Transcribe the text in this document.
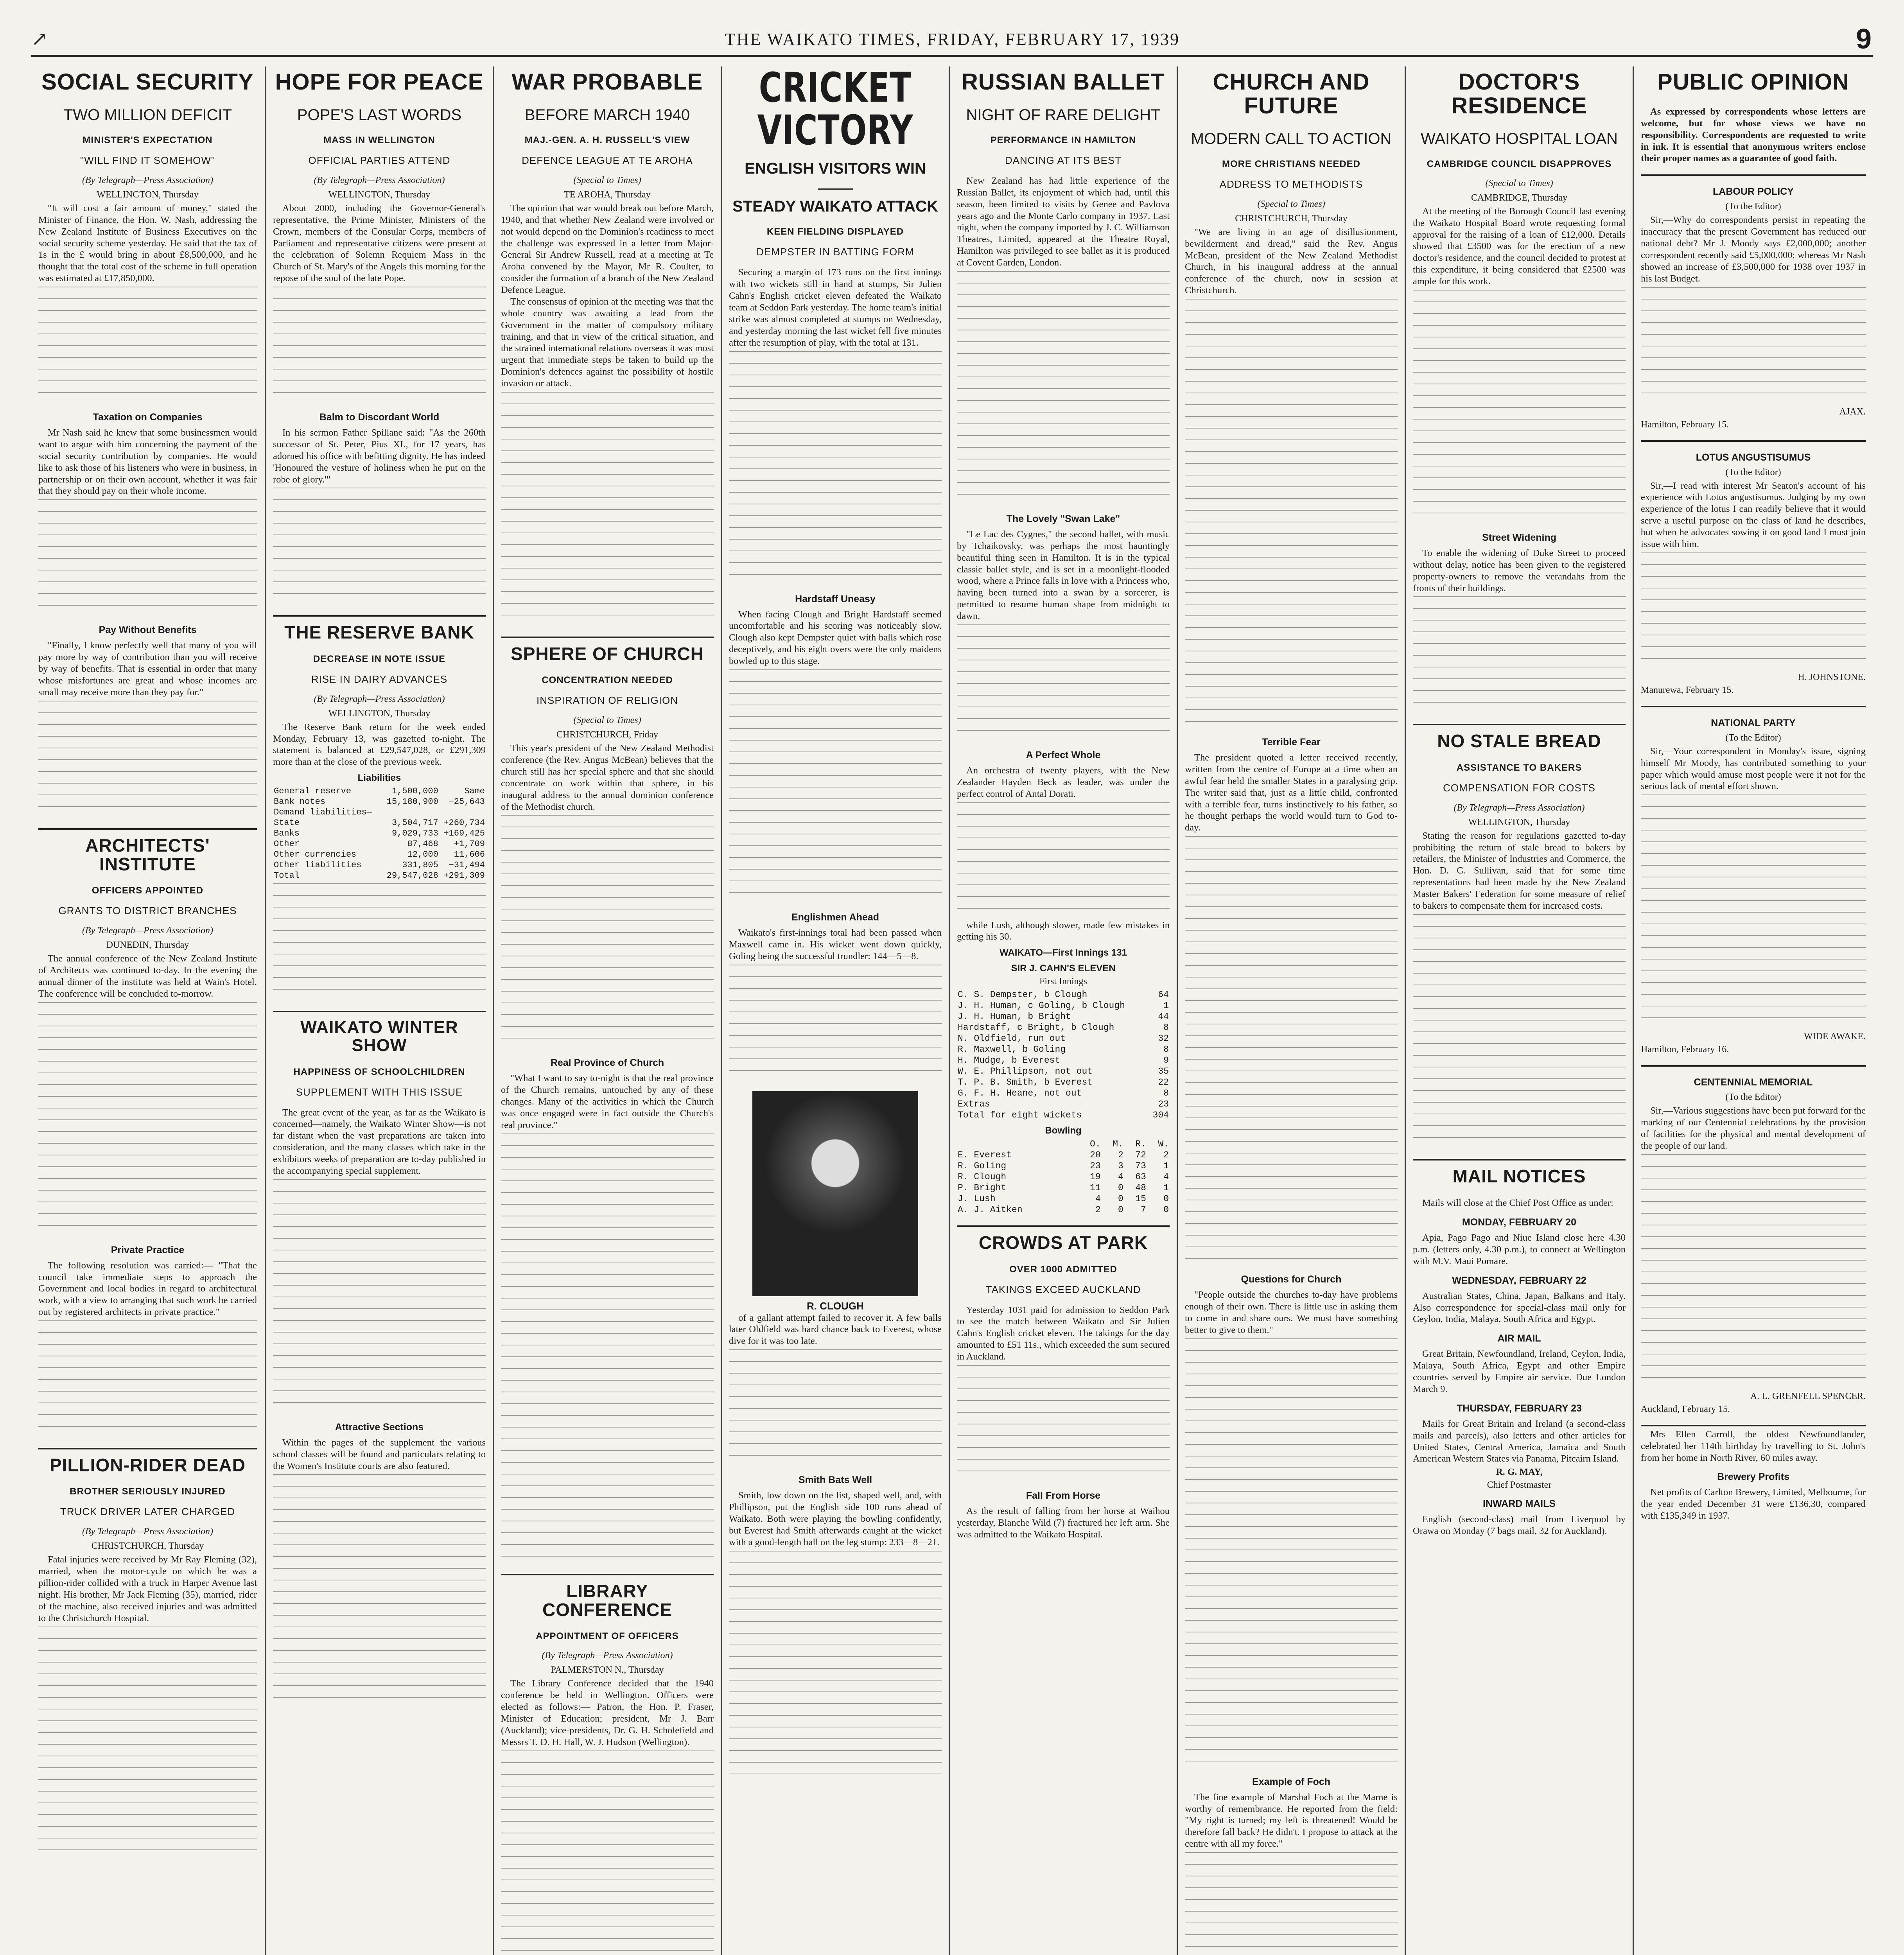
↗	THE WAIKATO TIMES, FRIDAY, FEBRUARY 17, 1939	9
SOCIAL SECURITY
TWO MILLION DEFICIT
MINISTER'S EXPECTATION
"WILL FIND IT SOMEHOW"
(By Telegraph—Press Association)
WELLINGTON, Thursday

"It will cost a fair amount of money," stated the Minister of Finance, the Hon. W. Nash, addressing the New Zealand Institute of Business Executives on the social security scheme yesterday. He said that the tax of 1s in the £ would bring in about £8,500,000, and he thought that the total cost of the scheme in full operation was estimated at £17,850,000.

Taxation on Companies

Mr Nash said he knew that some businessmen would want to argue with him concerning the payment of the social security contribution by companies. He would like to ask those of his listeners who were in business, in partnership or on their own account, whether it was fair that they should pay on their whole income.

Pay Without Benefits

"Finally, I know perfectly well that many of you will pay more by way of contribution than you will receive by way of benefits. That is essential in order that many whose misfortunes are great and whose incomes are small may receive more than they pay for."

ARCHITECTS' INSTITUTE
OFFICERS APPOINTED
GRANTS TO DISTRICT BRANCHES
(By Telegraph—Press Association)
DUNEDIN, Thursday

The annual conference of the New Zealand Institute of Architects was continued to-day. In the evening the annual dinner of the institute was held at Wain's Hotel. The conference will be concluded to-morrow.

Private Practice

The following resolution was carried:— "That the council take immediate steps to approach the Government and local bodies in regard to architectural work, with a view to arranging that such work be carried out by registered architects in private practice."

PILLION-RIDER DEAD
BROTHER SERIOUSLY INJURED
TRUCK DRIVER LATER CHARGED
(By Telegraph—Press Association)
CHRISTCHURCH, Thursday

Fatal injuries were received by Mr Ray Fleming (32), married, when the motor-cycle on which he was a pillion-rider collided with a truck in Harper Avenue last night. His brother, Mr Jack Fleming (35), married, rider of the machine, also received injuries and was admitted to the Christchurch Hospital.

HOPE FOR PEACE
POPE'S LAST WORDS
MASS IN WELLINGTON
OFFICIAL PARTIES ATTEND
(By Telegraph—Press Association)
WELLINGTON, Thursday

About 2000, including the Governor-General's representative, the Prime Minister, Ministers of the Crown, members of the Consular Corps, members of Parliament and representative citizens were present at the celebration of Solemn Requiem Mass in the Church of St. Mary's of the Angels this morning for the repose of the soul of the late Pope.

Balm to Discordant World

In his sermon Father Spillane said: "As the 260th successor of St. Peter, Pius XI., for 17 years, has adorned his office with befitting dignity. He has indeed 'Honoured the vesture of holiness when he put on the robe of glory.'"

THE RESERVE BANK
DECREASE IN NOTE ISSUE
RISE IN DAIRY ADVANCES
(By Telegraph—Press Association)
WELLINGTON, Thursday

The Reserve Bank return for the week ended Monday, February 13, was gazetted to-night. The statement is balanced at £29,547,028, or £291,309 more than at the close of the previous week.

Liabilities
General reserve	1,500,000	Same
Bank notes	15,180,900	−25,643
Demand liabilities—		
State	3,504,717	+260,734
Banks	9,029,733	+169,425
Other	87,468	+1,709
Other currencies	12,000	11,606
Other liabilities	331,805	−31,494
Total	29,547,028	+291,309
WAIKATO WINTER SHOW
HAPPINESS OF SCHOOLCHILDREN
SUPPLEMENT WITH THIS ISSUE

The great event of the year, as far as the Waikato is concerned—namely, the Waikato Winter Show—is not far distant when the vast preparations are taken into consideration, and the many classes which take in the exhibitors weeks of preparation are to-day published in the accompanying special supplement.

Attractive Sections

Within the pages of the supplement the various school classes will be found and particulars relating to the Women's Institute courts are also featured.

WAR PROBABLE
BEFORE MARCH 1940
MAJ.-GEN. A. H. RUSSELL'S VIEW
DEFENCE LEAGUE AT TE AROHA
(Special to Times)
TE AROHA, Thursday

The opinion that war would break out before March, 1940, and that whether New Zealand were involved or not would depend on the Dominion's readiness to meet the challenge was expressed in a letter from Major-General Sir Andrew Russell, read at a meeting at Te Aroha convened by the Mayor, Mr R. Coulter, to consider the formation of a branch of the New Zealand Defence League.

The consensus of opinion at the meeting was that the whole country was awaiting a lead from the Government in the matter of compulsory military training, and that in view of the critical situation, and the strained international relations overseas it was most urgent that immediate steps be taken to build up the Dominion's defences against the possibility of hostile invasion or attack.

SPHERE OF CHURCH
CONCENTRATION NEEDED
INSPIRATION OF RELIGION
(Special to Times)
CHRISTCHURCH, Friday

This year's president of the New Zealand Methodist conference (the Rev. Angus McBean) believes that the church still has her special sphere and that she should concentrate on work within that sphere, in his inaugural address to the annual dominion conference of the Methodist church.

Real Province of Church

"What I want to say to-night is that the real province of the Church remains, untouched by any of these changes. Many of the activities in which the Church was once engaged were in fact outside the Church's real province."

LIBRARY CONFERENCE
APPOINTMENT OF OFFICERS
(By Telegraph—Press Association)
PALMERSTON N., Thursday

The Library Conference decided that the 1940 conference be held in Wellington. Officers were elected as follows:— Patron, the Hon. P. Fraser, Minister of Education; president, Mr J. Barr (Auckland); vice-presidents, Dr. G. H. Scholefield and Messrs T. D. H. Hall, W. J. Hudson (Wellington).

CRICKET VICTORY
ENGLISH VISITORS WIN
STEADY WAIKATO ATTACK
KEEN FIELDING DISPLAYED
DEMPSTER IN BATTING FORM

Securing a margin of 173 runs on the first innings with two wickets still in hand at stumps, Sir Julien Cahn's English cricket eleven defeated the Waikato team at Seddon Park yesterday. The home team's initial strike was almost completed at stumps on Wednesday, and yesterday morning the last wicket fell five minutes after the resumption of play, with the total at 131.

Hardstaff Uneasy

When facing Clough and Bright Hardstaff seemed uncomfortable and his scoring was noticeably slow. Clough also kept Dempster quiet with balls which rose deceptively, and his eight overs were the only maidens bowled up to this stage.

Englishmen Ahead

Waikato's first-innings total had been passed when Maxwell came in. His wicket went down quickly, Goling being the successful trundler: 144—5—8.

R. CLOUGH

of a gallant attempt failed to recover it. A few balls later Oldfield was hard chance back to Everest, whose dive for it was too late.

Smith Bats Well

Smith, low down on the list, shaped well, and, with Phillipson, put the English side 100 runs ahead of Waikato. Both were playing the bowling confidently, but Everest had Smith afterwards caught at the wicket with a good-length ball on the leg stump: 233—8—21.

RUSSIAN BALLET
NIGHT OF RARE DELIGHT
PERFORMANCE IN HAMILTON
DANCING AT ITS BEST

New Zealand has had little experience of the Russian Ballet, its enjoyment of which had, until this season, been limited to visits by Genee and Pavlova years ago and the Monte Carlo company in 1937. Last night, when the company imported by J. C. Williamson Theatres, Limited, appeared at the Theatre Royal, Hamilton was privileged to see ballet as it is produced at Covent Garden, London.

The Lovely "Swan Lake"

"Le Lac des Cygnes," the second ballet, with music by Tchaikovsky, was perhaps the most hauntingly beautiful thing seen in Hamilton. It is in the typical classic ballet style, and is set in a moonlight-flooded wood, where a Prince falls in love with a Princess who, having been turned into a swan by a sorcerer, is permitted to resume human shape from midnight to dawn.

A Perfect Whole

An orchestra of twenty players, with the New Zealander Hayden Beck as leader, was under the perfect control of Antal Dorati.

while Lush, although slower, made few mistakes in getting his 30.

WAIKATO—First Innings 131
SIR J. CAHN'S ELEVEN
First Innings
C. S. Dempster, b Clough	64
J. H. Human, c Goling, b Clough	1
J. H. Human, b Bright	44
Hardstaff, c Bright, b Clough	8
N. Oldfield, run out	32
R. Maxwell, b Goling	8
H. Mudge, b Everest	9
W. E. Phillipson, not out	35
T. P. B. Smith, b Everest	22
G. F. H. Heane, not out	8
Extras	23
Total for eight wickets	304
Bowling
	O.	M.	R.	W.
E. Everest	20	2	72	2
R. Goling	23	3	73	1
R. Clough	19	4	63	4
P. Bright	11	0	48	1
J. Lush	4	0	15	0
A. J. Aitken	2	0	7	0
CROWDS AT PARK
OVER 1000 ADMITTED
TAKINGS EXCEED AUCKLAND

Yesterday 1031 paid for admission to Seddon Park to see the match between Waikato and Sir Julien Cahn's English cricket eleven. The takings for the day amounted to £51 11s., which exceeded the sum secured in Auckland.

Fall From Horse

As the result of falling from her horse at Waihou yesterday, Blanche Wild (7) fractured her left arm. She was admitted to the Waikato Hospital.

CHURCH AND FUTURE
MODERN CALL TO ACTION
MORE CHRISTIANS NEEDED
ADDRESS TO METHODISTS
(Special to Times)
CHRISTCHURCH, Thursday

"We are living in an age of disillusionment, bewilderment and dread," said the Rev. Angus McBean, president of the New Zealand Methodist Church, in his inaugural address at the annual conference of the church, now in session at Christchurch.

Terrible Fear

The president quoted a letter received recently, written from the centre of Europe at a time when an awful fear held the smaller States in a paralysing grip. The writer said that, just as a little child, confronted with a terrible fear, turns instinctively to his father, so he thought perhaps the world would turn to God to-day.

Questions for Church

"People outside the churches to-day have problems enough of their own. There is little use in asking them to come in and share ours. We must have something better to give to them."

Example of Foch

The fine example of Marshal Foch at the Marne is worthy of remembrance. He reported from the field: "My right is turned; my left is threatened! Would be therefore fall back? He didn't. I propose to attack at the centre with all my force."

DOCTOR'S RESIDENCE
WAIKATO HOSPITAL LOAN
CAMBRIDGE COUNCIL DISAPPROVES
(Special to Times)
CAMBRIDGE, Thursday

At the meeting of the Borough Council last evening the Waikato Hospital Board wrote requesting formal approval for the raising of a loan of £12,000. Details showed that £3500 was for the erection of a new doctor's residence, and the council decided to protest at this expenditure, it being considered that £2500 was ample for this work.

Street Widening

To enable the widening of Duke Street to proceed without delay, notice has been given to the registered property-owners to remove the verandahs from the fronts of their buildings.

NO STALE BREAD
ASSISTANCE TO BAKERS
COMPENSATION FOR COSTS
(By Telegraph—Press Association)
WELLINGTON, Thursday

Stating the reason for regulations gazetted to-day prohibiting the return of stale bread to bakers by retailers, the Minister of Industries and Commerce, the Hon. D. G. Sullivan, said that for some time representations had been made by the New Zealand Master Bakers' Federation for some measure of relief to bakers to compensate them for increased costs.

MAIL NOTICES

Mails will close at the Chief Post Office as under:

MONDAY, FEBRUARY 20

Apia, Pago Pago and Niue Island close here 4.30 p.m. (letters only, 4.30 p.m.), to connect at Wellington with M.V. Maui Pomare.

WEDNESDAY, FEBRUARY 22

Australian States, China, Japan, Balkans and Italy. Also correspondence for special-class mail only for Ceylon, India, Malaya, South Africa and Egypt.

AIR MAIL

Great Britain, Newfoundland, Ireland, Ceylon, India, Malaya, South Africa, Egypt and other Empire countries served by Empire air service. Due London March 9.

THURSDAY, FEBRUARY 23

Mails for Great Britain and Ireland (a second-class mails and parcels), also letters and other articles for United States, Central America, Jamaica and South American Western States via Panama, Pitcairn Island.

R. G. MAY,
Chief Postmaster
INWARD MAILS

English (second-class) mail from Liverpool by Orawa on Monday (7 bags mail, 32 for Auckland).

PUBLIC OPINION

As expressed by correspondents whose letters are welcome, but for whose views we have no responsibility. Correspondents are requested to write in ink. It is essential that anonymous writers enclose their proper names as a guarantee of good faith.

LABOUR POLICY
(To the Editor)

Sir,—Why do correspondents persist in repeating the inaccuracy that the present Government has reduced our national debt? Mr J. Moody says £2,000,000; another correspondent recently said £5,000,000; whereas Mr Nash showed an increase of £3,500,000 for 1938 over 1937 in his last Budget.

AJAX.
Hamilton, February 15.
LOTUS ANGUSTISUMUS
(To the Editor)

Sir,—I read with interest Mr Seaton's account of his experience with Lotus angustisumus. Judging by my own experience of the lotus I can readily believe that it would serve a useful purpose on the class of land he describes, but when he advocates sowing it on good land I must join issue with him.

H. JOHNSTONE.
Manurewa, February 15.
NATIONAL PARTY
(To the Editor)

Sir,—Your correspondent in Monday's issue, signing himself Mr Moody, has contributed something to your paper which would amuse most people were it not for the serious lack of mental effort shown.

WIDE AWAKE.
Hamilton, February 16.
CENTENNIAL MEMORIAL
(To the Editor)

Sir,—Various suggestions have been put forward for the marking of our Centennial celebrations by the provision of facilities for the physical and mental development of the people of our land.

A. L. GRENFELL SPENCER.
Auckland, February 15.

Mrs Ellen Carroll, the oldest Newfoundlander, celebrated her 114th birthday by travelling to St. John's from her home in North River, 60 miles away.

Brewery Profits

Net profits of Carlton Brewery, Limited, Melbourne, for the year ended December 31 were £136,30, compared with £135,349 in 1937.
